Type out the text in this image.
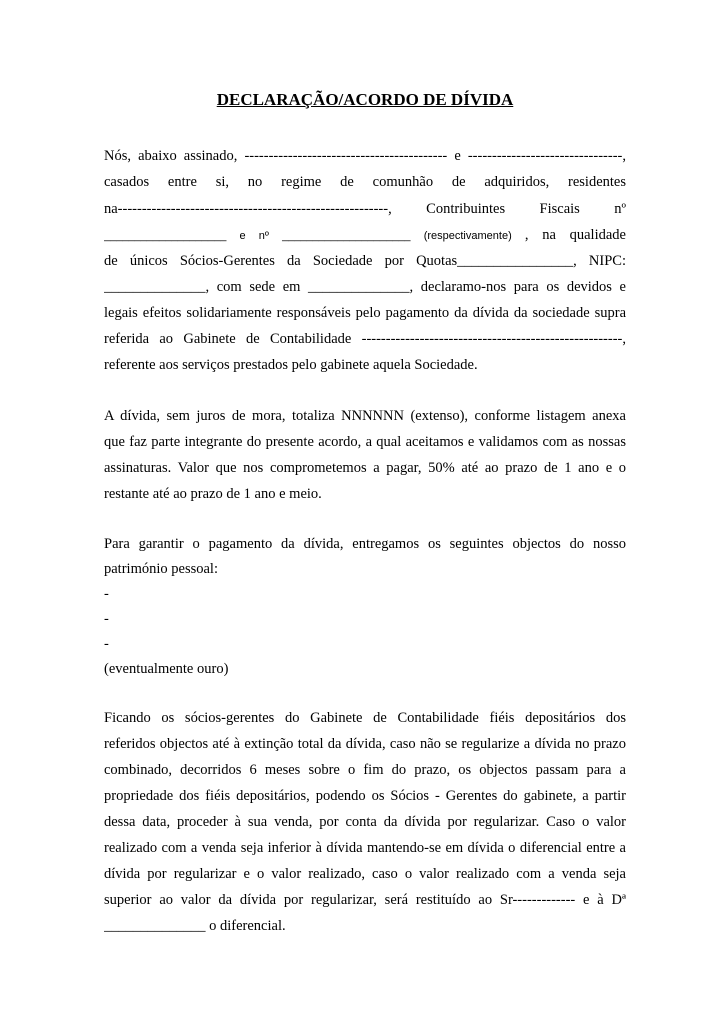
DECLARAÇÃO/ACORDO DE DÍVIDA
Nós, abaixo assinado, ------------------------------------------ e --------------------------------,
casados entre si, no regime de comunhão de adquiridos, residentes
na--------------------------------------------------------, Contribuintes Fiscais nº
____________________ e nº _____________________ (respectivamente) , na qualidade
de únicos Sócios-Gerentes da Sociedade por Quotas________________, NIPC:
______________, com sede em ______________, declaramo-nos para os devidos e
legais efeitos solidariamente responsáveis pelo pagamento da dívida da sociedade supra
referida ao Gabinete de Contabilidade ------------------------------------------------------,
referente aos serviços prestados pelo gabinete aquela Sociedade.
A dívida, sem juros de mora, totaliza NNNNNN (extenso), conforme listagem anexa
que faz parte integrante do presente acordo, a qual aceitamos e validamos com as nossas
assinaturas. Valor que nos comprometemos a pagar, 50% até ao prazo de 1 ano e o
restante até ao prazo de 1 ano e meio.
Para garantir o pagamento da dívida, entregamos os seguintes objectos do nosso
património pessoal:
-
-
-
(eventualmente ouro)
Ficando os sócios-gerentes do Gabinete de Contabilidade fiéis depositários dos
referidos objectos até à extinção total da dívida, caso não se regularize a dívida no prazo
combinado, decorridos 6 meses sobre o fim do prazo, os objectos passam para a
propriedade dos fiéis depositários, podendo os Sócios - Gerentes do gabinete, a partir
dessa data, proceder à sua venda, por conta da dívida por regularizar. Caso o valor
realizado com a venda seja inferior à dívida mantendo-se em dívida o diferencial entre a
dívida por regularizar e o valor realizado, caso o valor realizado com a venda seja
superior ao valor da dívida por regularizar, será restituído ao Sr------------- e à Dª
______________ o diferencial.
